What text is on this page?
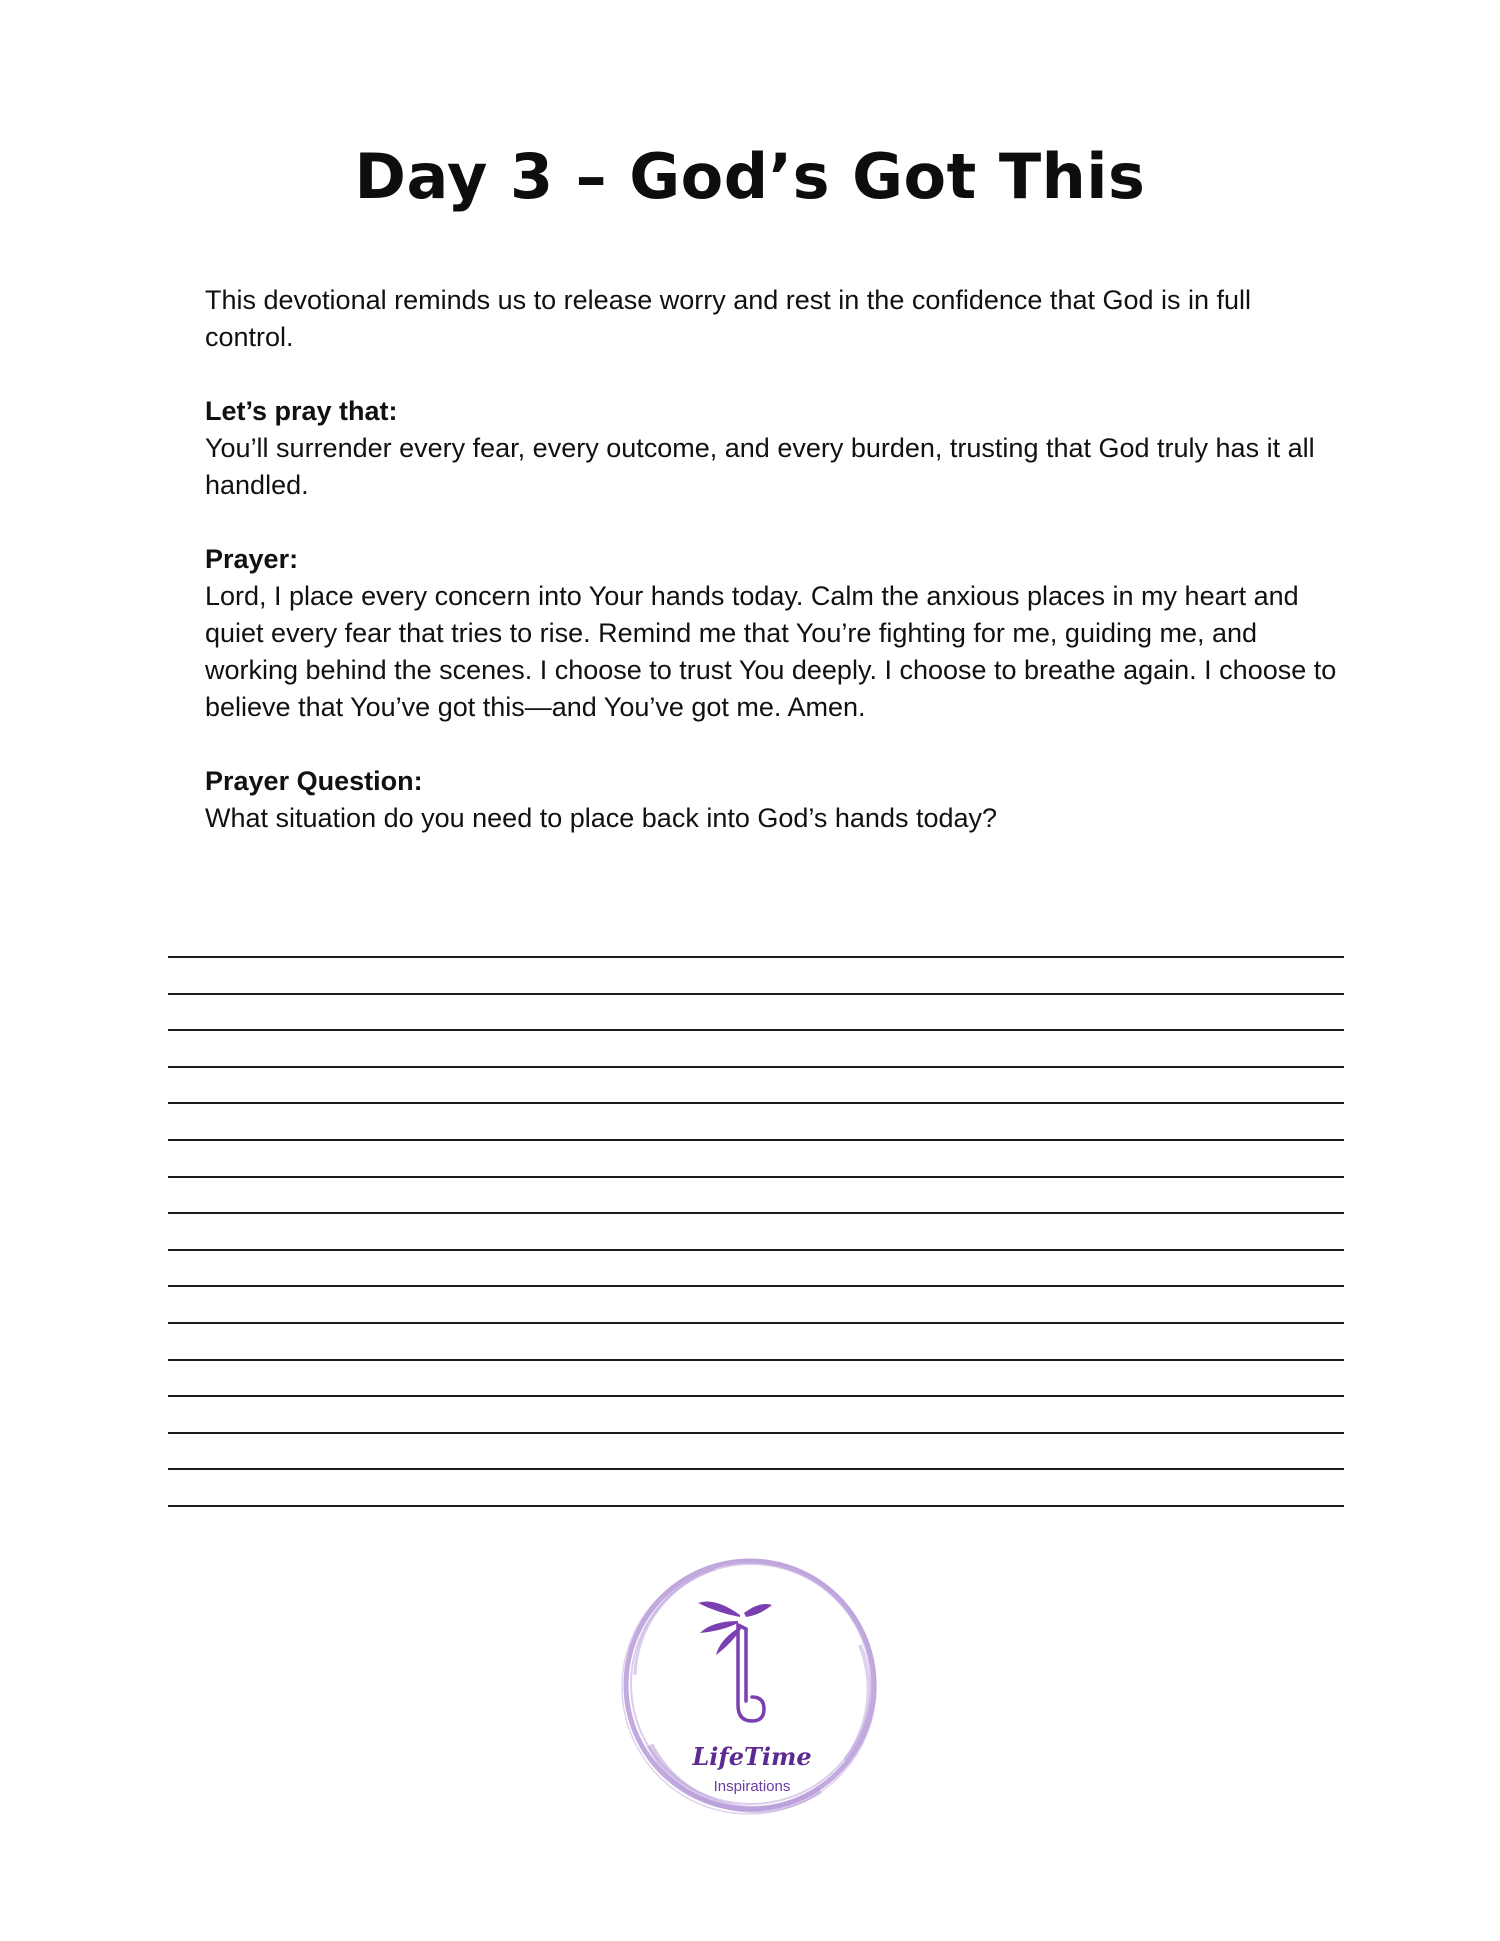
Day 3 – God’s Got This

This devotional reminds us to release worry and rest in the confidence that God is in full control.

Let’s pray that:

You’ll surrender every fear, every outcome, and every burden, trusting that God truly has it all handled.

Prayer:

Lord, I place every concern into Your hands today. Calm the anxious places in my heart and quiet every fear that tries to rise. Remind me that You’re fighting for me, guiding me, and working behind the scenes. I choose to trust You deeply. I choose to breathe again. I choose to believe that You’ve got this—and You’ve got me. Amen.

Prayer Question:

What situation do you need to place back into God’s hands today?

LifeTime
Inspirations
